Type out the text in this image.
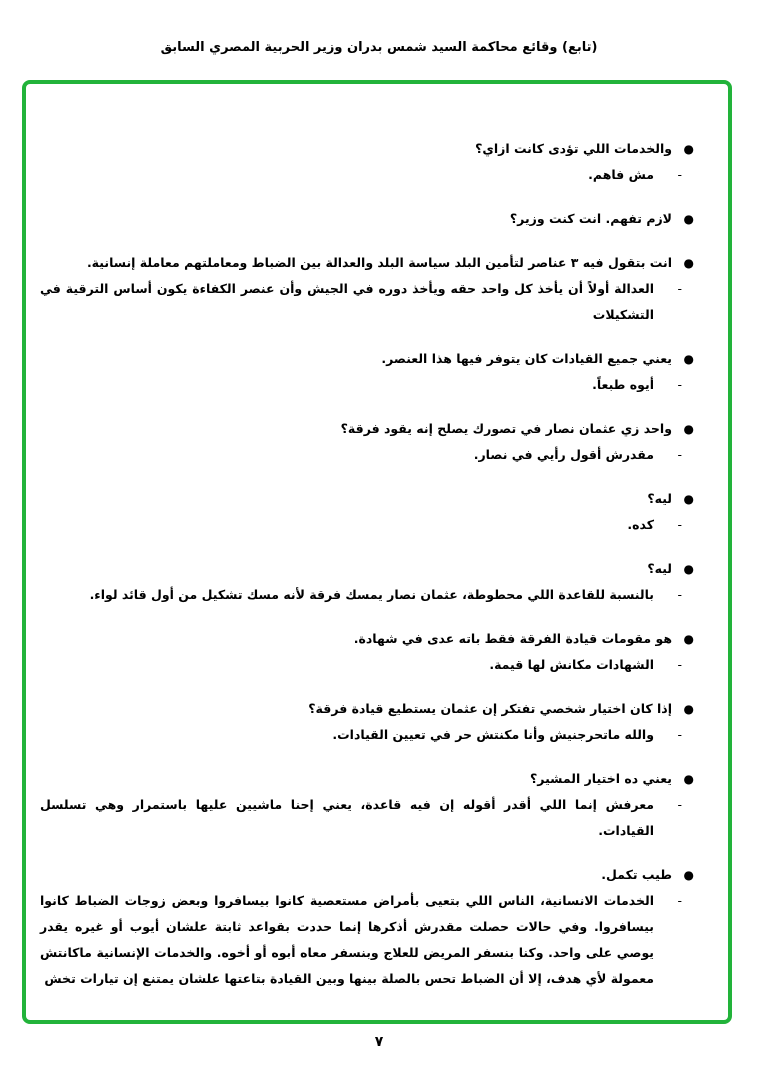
(تابع) وقائع محاكمة السيد شمس بدران وزير الحربية المصري السابق
●
والخدمات اللي تؤدى كانت ازاي؟
-
مش فاهم.
●
لازم تفهم. انت كنت وزير؟
●
انت بتقول فيه ٣ عناصر لتأمين البلد سياسة البلد والعدالة بين الضباط ومعاملتهم معاملة إنسانية.
-
العدالة أولاً أن يأخذ كل واحد حقه ويأخذ دوره في الجيش وأن عنصر الكفاءة يكون أساس الترقية في التشكيلات
●
يعني جميع القيادات كان يتوفر فيها هذا العنصر.
-
أيوه طبعاً.
●
واحد زي عثمان نصار في تصورك يصلح إنه يقود فرقة؟
-
مقدرش أقول رأيي في نصار.
●
ليه؟
-
كده.
●
ليه؟
-
بالنسبة للقاعدة اللي محطوطة، عثمان نصار يمسك فرقة لأنه مسك تشكيل من أول قائد لواء.
●
هو مقومات قيادة الفرقة فقط باته عدى في شهادة.
-
الشهادات مكانش لها قيمة.
●
إذا كان اختيار شخصي تفتكر إن عثمان يستطيع قيادة فرقة؟
-
والله ماتحرجنيش وأنا مكنتش حر في تعيين القيادات.
●
يعني ده اختيار المشير؟
-
معرفش إنما اللي أقدر أقوله إن فيه قاعدة، يعني إحنا ماشيين عليها باستمرار وهي تسلسل القيادات.
●
طيب تكمل.
-
الخدمات الانسانية، الناس اللي بتعيى بأمراض مستعصية كانوا بيسافروا وبعض زوجات الضباط كانوا بيسافروا. وفي حالات حصلت مقدرش أذكرها إنما حددت بقواعد ثابتة علشان أيوب أو غيره يقدر يوصي على واحد. وكنا بنسفر المريض للعلاج وبنسفر معاه أبوه أو أخوه. والخدمات الإنسانية ماكانتش معمولة لأي هدف، إلا أن الضباط تحس بالصلة بينها وبين القيادة بتاعتها علشان يمتنع إن تيارات تخش
٧
